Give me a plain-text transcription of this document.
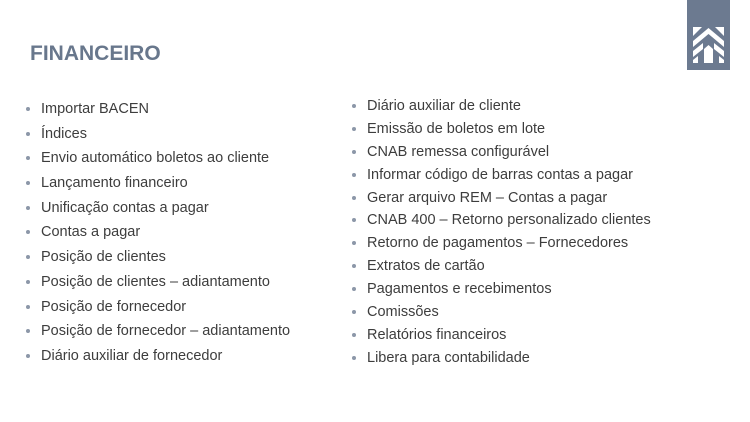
FINANCEIRO
Importar BACEN
Índices
Envio automático boletos ao cliente
Lançamento financeiro
Unificação contas a pagar
Contas a pagar
Posição de clientes
Posição de clientes – adiantamento
Posição de fornecedor
Posição de fornecedor – adiantamento
Diário auxiliar de fornecedor
Diário auxiliar de cliente
Emissão de boletos em lote
CNAB remessa configurável
Informar código de barras contas a pagar
Gerar arquivo REM – Contas a pagar
CNAB 400 – Retorno personalizado clientes
Retorno de pagamentos – Fornecedores
Extratos de cartão
Pagamentos e recebimentos
Comissões
Relatórios financeiros
Libera para contabilidade
